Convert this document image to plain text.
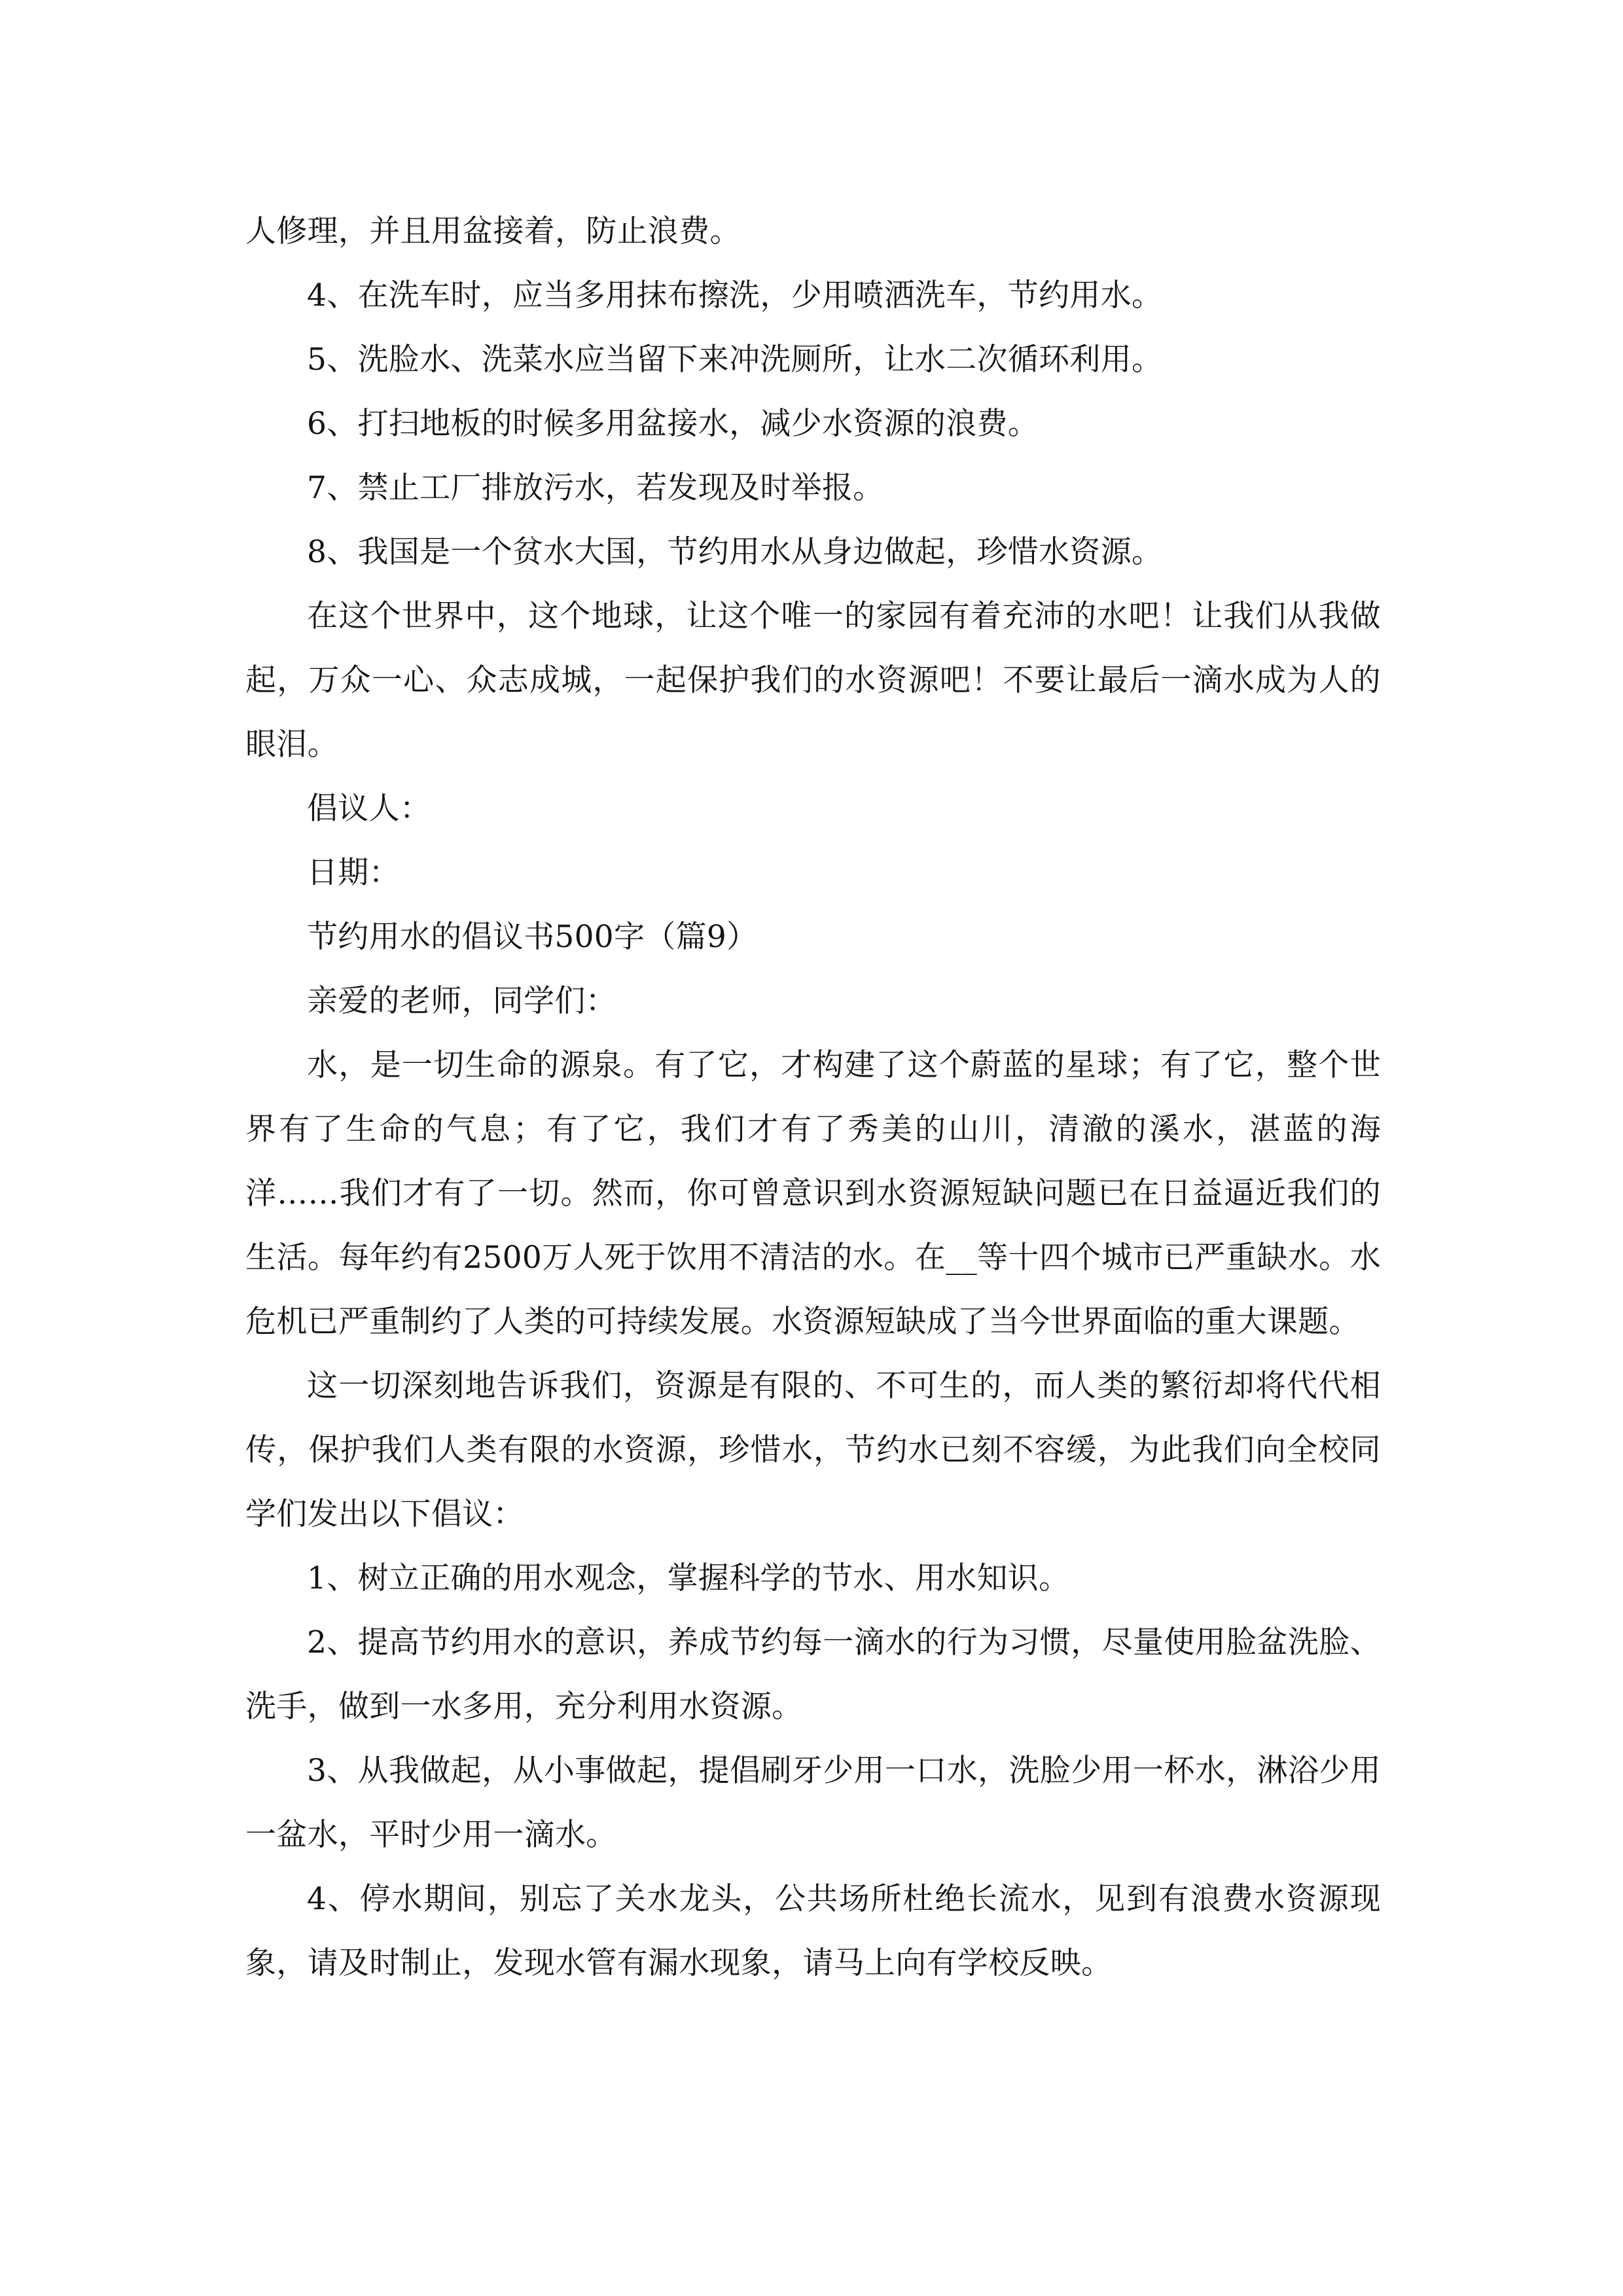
人修理，并且用盆接着，防止浪费。

4、在洗车时，应当多用抹布擦洗，少用喷洒洗车，节约用水。

5、洗脸水、洗菜水应当留下来冲洗厕所，让水二次循环利用。

6、打扫地板的时候多用盆接水，减少水资源的浪费。

7、禁止工厂排放污水，若发现及时举报。

8、我国是一个贫水大国，节约用水从身边做起，珍惜水资源。

在这个世界中，这个地球，让这个唯一的家园有着充沛的水吧！让我们从我做起，万众一心、众志成城，一起保护我们的水资源吧！不要让最后一滴水成为人的眼泪。

倡议人：

日期：

节约用水的倡议书500字（篇9）

亲爱的老师，同学们：

水，是一切生命的源泉。有了它，才构建了这个蔚蓝的星球；有了它，整个世界有了生命的气息；有了它，我们才有了秀美的山川，清澈的溪水，湛蓝的海洋……我们才有了一切。然而，你可曾意识到水资源短缺问题已在日益逼近我们的生活。每年约有2500万人死于饮用不清洁的水。在__等十四个城市已严重缺水。水危机已严重制约了人类的可持续发展。水资源短缺成了当今世界面临的重大课题。

这一切深刻地告诉我们，资源是有限的、不可生的，而人类的繁衍却将代代相传，保护我们人类有限的水资源，珍惜水，节约水已刻不容缓，为此我们向全校同学们发出以下倡议：

1、树立正确的用水观念，掌握科学的节水、用水知识。

2、提高节约用水的意识，养成节约每一滴水的行为习惯，尽量使用脸盆洗脸、洗手，做到一水多用，充分利用水资源。

3、从我做起，从小事做起，提倡刷牙少用一口水，洗脸少用一杯水，淋浴少用一盆水，平时少用一滴水。

4、停水期间，别忘了关水龙头，公共场所杜绝长流水，见到有浪费水资源现象，请及时制止，发现水管有漏水现象，请马上向有学校反映。
